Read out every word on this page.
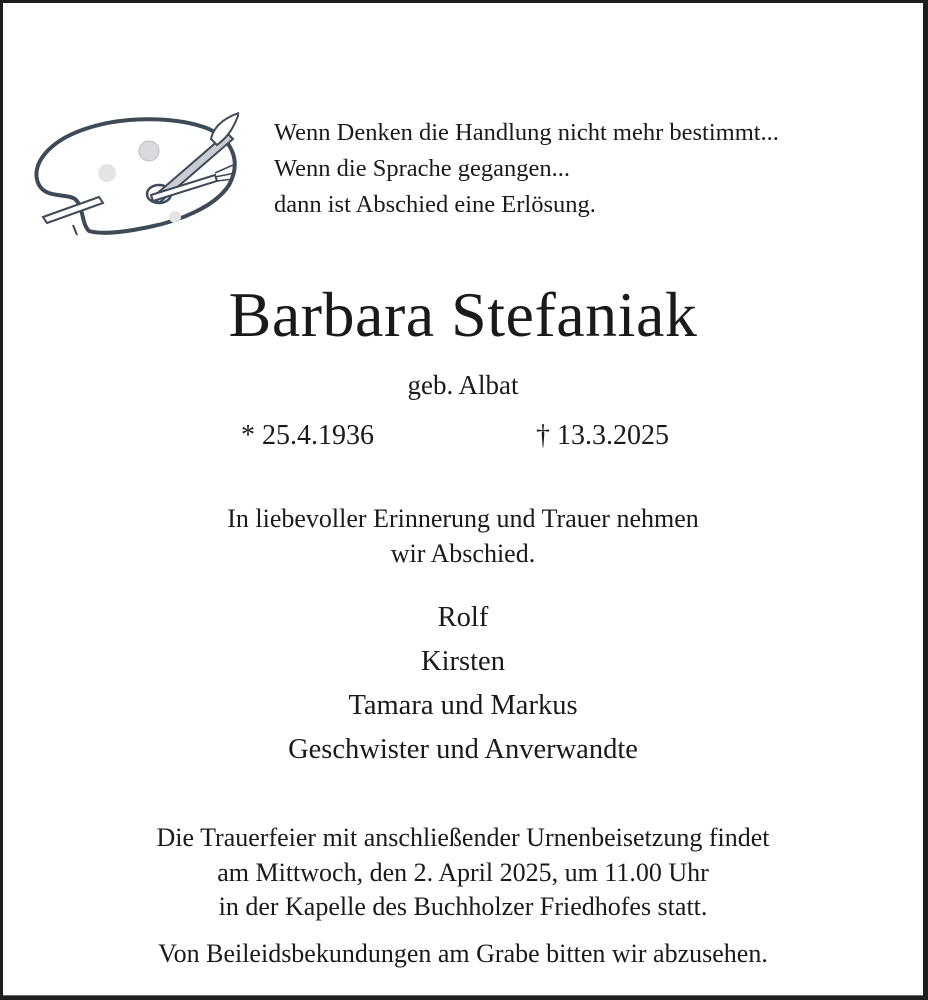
Wenn Denken die Handlung nicht mehr bestimmt...
Wenn die Sprache gegangen...
dann ist Abschied eine Erlösung.
Barbara Stefaniak
geb. Albat
* 25.4.1936	† 13.3.2025
In liebevoller Erinnerung und Trauer nehmen
wir Abschied.
Rolf
Kirsten
Tamara und Markus
Geschwister und Anverwandte
Die Trauerfeier mit anschließender Urnenbeisetzung findet
am Mittwoch, den 2. April 2025, um 11.00 Uhr
in der Kapelle des Buchholzer Friedhofes statt.
Von Beileidsbekundungen am Grabe bitten wir abzusehen.
